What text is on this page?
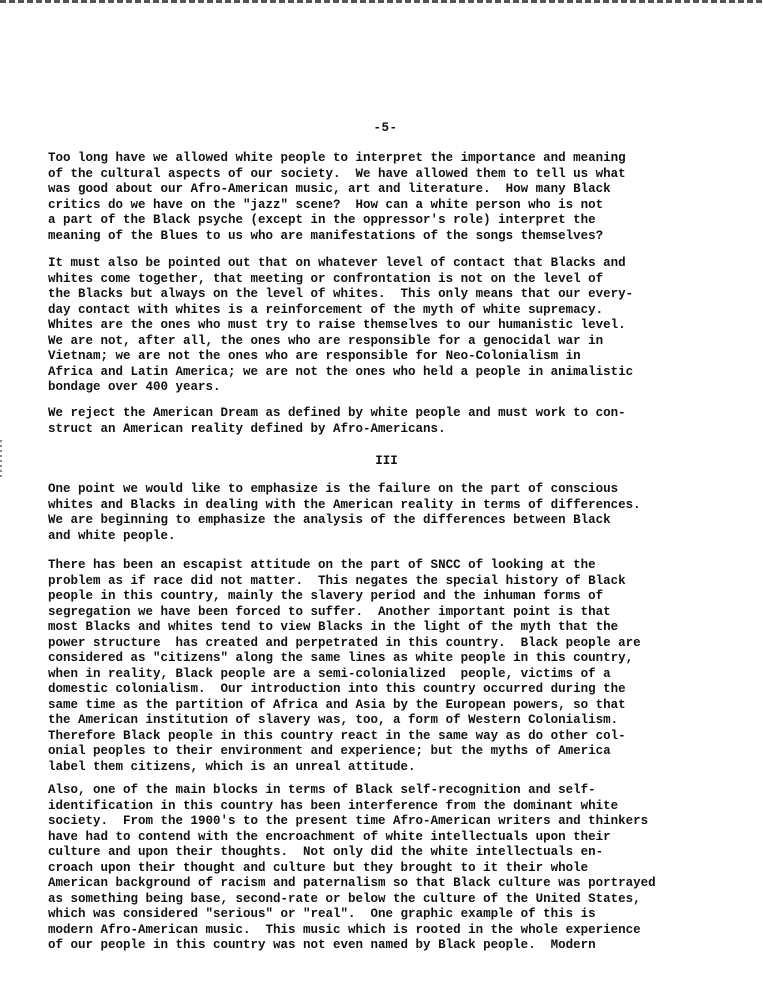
-5-
Too long have we allowed white people to interpret the importance and meaning
of the cultural aspects of our society.  We have allowed them to tell us what
was good about our Afro-American music, art and literature.  How many Black
critics do we have on the "jazz" scene?  How can a white person who is not
a part of the Black psyche (except in the oppressor's role) interpret the
meaning of the Blues to us who are manifestations of the songs themselves?
It must also be pointed out that on whatever level of contact that Blacks and
whites come together, that meeting or confrontation is not on the level of
the Blacks but always on the level of whites.  This only means that our every-
day contact with whites is a reinforcement of the myth of white supremacy.
Whites are the ones who must try to raise themselves to our humanistic level.
We are not, after all, the ones who are responsible for a genocidal war in
Vietnam; we are not the ones who are responsible for Neo-Colonialism in
Africa and Latin America; we are not the ones who held a people in animalistic
bondage over 400 years.
We reject the American Dream as defined by white people and must work to con-
struct an American reality defined by Afro-Americans.
One point we would like to emphasize is the failure on the part of conscious
whites and Blacks in dealing with the American reality in terms of differences.
We are beginning to emphasize the analysis of the differences between Black
and white people.
There has been an escapist attitude on the part of SNCC of looking at the
problem as if race did not matter.  This negates the special history of Black
people in this country, mainly the slavery period and the inhuman forms of
segregation we have been forced to suffer.  Another important point is that
most Blacks and whites tend to view Blacks in the light of the myth that the
power structure  has created and perpetrated in this country.  Black people are
considered as "citizens" along the same lines as white people in this country,
when in reality, Black people are a semi-colonialized  people, victims of a
domestic colonialism.  Our introduction into this country occurred during the
same time as the partition of Africa and Asia by the European powers, so that
the American institution of slavery was, too, a form of Western Colonialism.
Therefore Black people in this country react in the same way as do other col-
onial peoples to their environment and experience; but the myths of America
label them citizens, which is an unreal attitude.
Also, one of the main blocks in terms of Black self-recognition and self-
identification in this country has been interference from the dominant white
society.  From the 1900's to the present time Afro-American writers and thinkers
have had to contend with the encroachment of white intellectuals upon their
culture and upon their thoughts.  Not only did the white intellectuals en-
croach upon their thought and culture but they brought to it their whole
American background of racism and paternalism so that Black culture was portrayed
as something being base, second-rate or below the culture of the United States,
which was considered "serious" or "real".  One graphic example of this is
modern Afro-American music.  This music which is rooted in the whole experience
of our people in this country was not even named by Black people.  Modern
III
